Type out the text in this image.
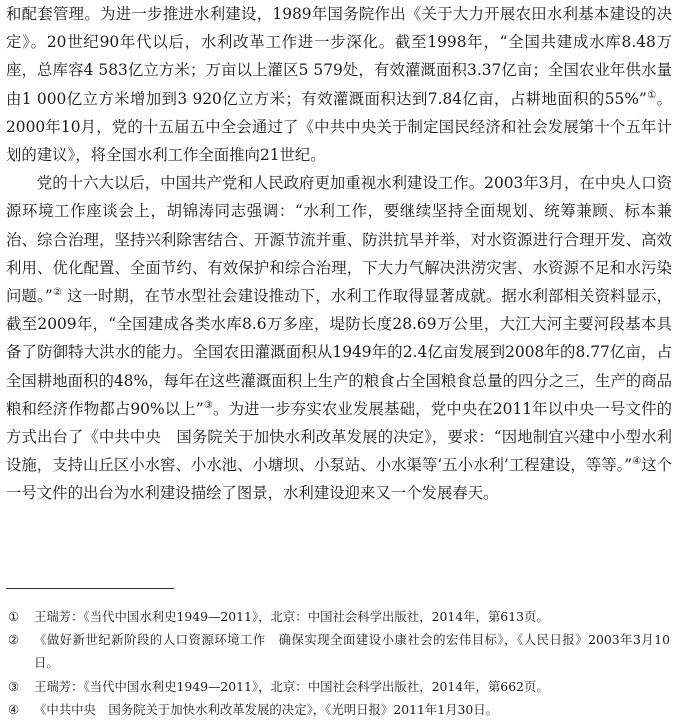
和配套管理。为进一步推进水利建设，1989年国务院作出《关于大力开展农田水利基本建设的决定》。20世纪90年代以后，水利改革工作进一步深化。截至1998年，“全国共建成水库8.48万座，总库容4 583亿立方米；万亩以上灌区5 579处，有效灌溉面积3.37亿亩；全国农业年供水量由1 000亿立方米增加到3 920亿立方米；有效灌溉面积达到7.84亿亩，占耕地面积的55%”①。2000年10月，党的十五届五中全会通过了《中共中央关于制定国民经济和社会发展第十个五年计划的建议》，将全国水利工作全面推向21世纪。

党的十六大以后，中国共产党和人民政府更加重视水利建设工作。2003年3月，在中央人口资源环境工作座谈会上，胡锦涛同志强调：“水利工作，要继续坚持全面规划、统筹兼顾、标本兼治、综合治理，坚持兴利除害结合、开源节流并重、防洪抗旱并举，对水资源进行合理开发、高效利用、优化配置、全面节约、有效保护和综合治理，下大力气解决洪涝灾害、水资源不足和水污染问题。”② 这一时期，在节水型社会建设推动下，水利工作取得显著成就。据水利部相关资料显示，截至2009年，“全国建成各类水库8.6万多座，堤防长度28.69万公里，大江大河主要河段基本具备了防御特大洪水的能力。全国农田灌溉面积从1949年的2.4亿亩发展到2008年的8.77亿亩，占全国耕地面积的48%，每年在这些灌溉面积上生产的粮食占全国粮食总量的四分之三，生产的商品粮和经济作物都占90%以上”③。为进一步夯实农业发展基础，党中央在2011年以中央一号文件的方式出台了《中共中央　国务院关于加快水利改革发展的决定》，要求：“因地制宜兴建中小型水利设施，支持山丘区小水窖、小水池、小塘坝、小泵站、小水渠等‘五小水利’工程建设，等等。”④这个一号文件的出台为水利建设描绘了图景，水利建设迎来又一个发展春天。

① 王瑞芳：《当代中国水利史1949—2011》，北京：中国社会科学出版社，2014年，第613页。
② 《做好新世纪新阶段的人口资源环境工作　确保实现全面建设小康社会的宏伟目标》，《人民日报》2003年3月10日。
③ 王瑞芳：《当代中国水利史1949—2011》，北京：中国社会科学出版社，2014年，第662页。
④ 《中共中央　国务院关于加快水利改革发展的决定》，《光明日报》2011年1月30日。
